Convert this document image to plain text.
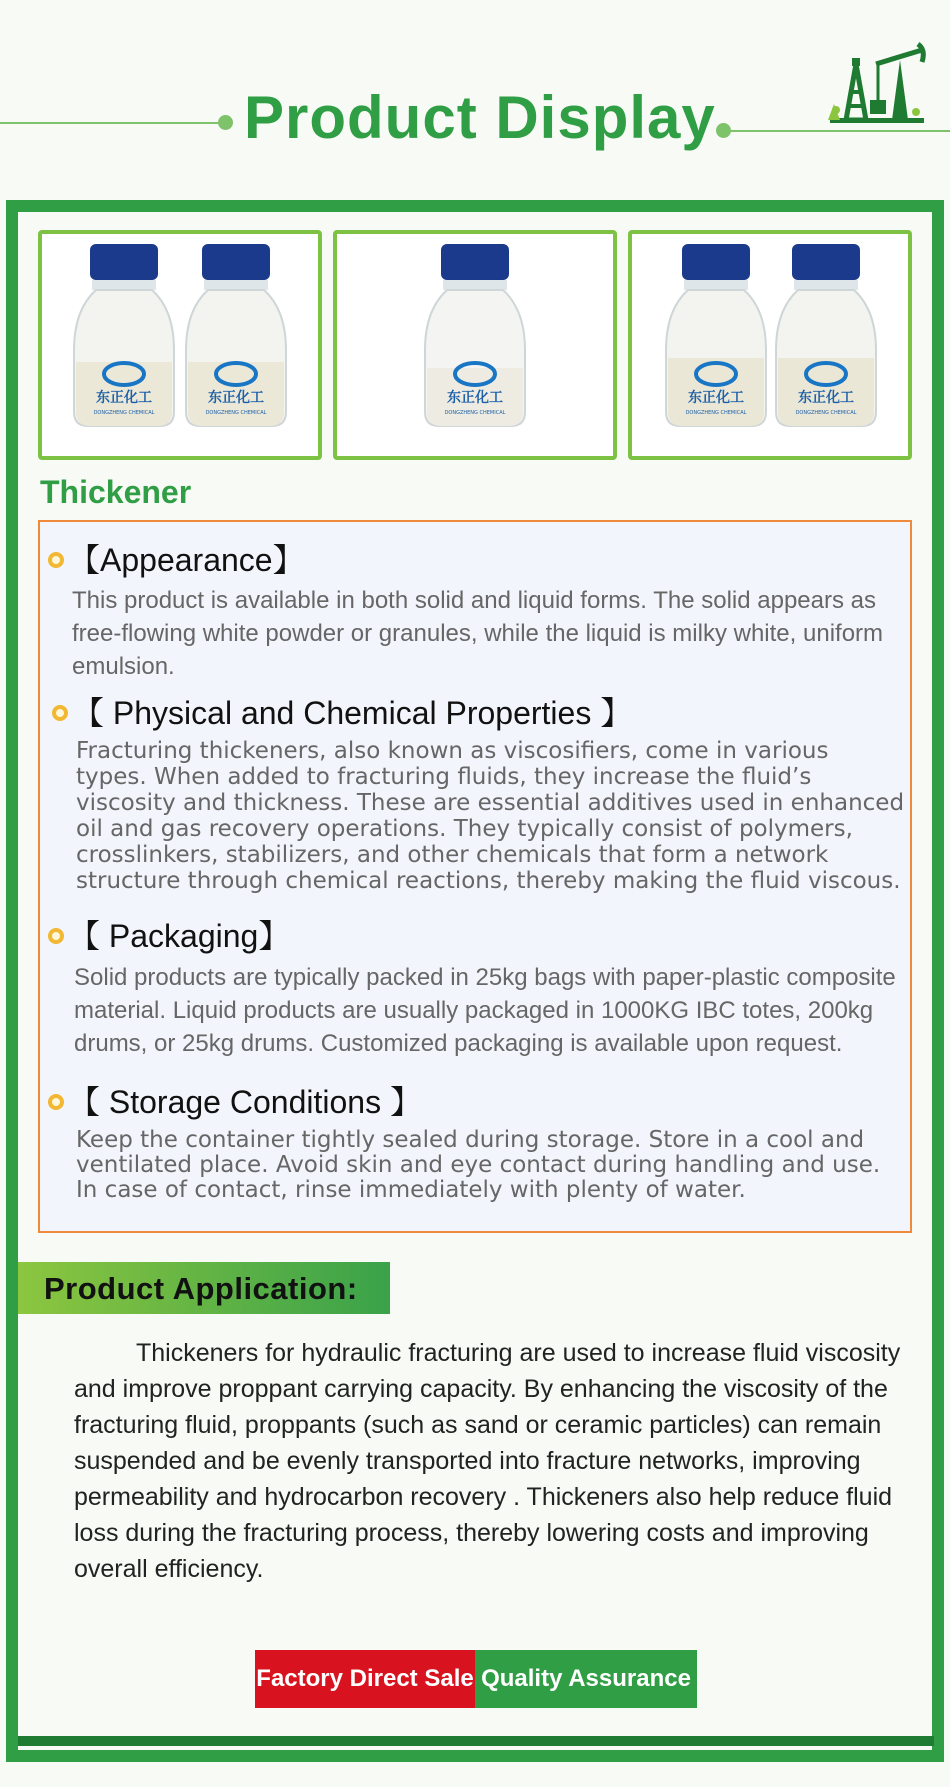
Product Display
东正化工
DONGZHENG CHEMICAL
东正化工
DONGZHENG CHEMICAL
东正化工
DONGZHENG CHEMICAL
东正化工
DONGZHENG CHEMICAL
东正化工
DONGZHENG CHEMICAL
Thickener
【Appearance】

This product is available in both solid and liquid forms. The solid appears as free-flowing white powder or granules, while the liquid is milky white, uniform emulsion.

【 Physical and Chemical Properties 】

Fracturing thickeners, also known as viscosifiers, come in various types. When added to fracturing fluids, they increase the fluid’s viscosity and thickness. These are essential additives used in enhanced oil and gas recovery operations. They typically consist of polymers, crosslinkers, stabilizers, and other chemicals that form a network structure through chemical reactions, thereby making the fluid viscous.

【 Packaging】

Solid products are typically packed in 25kg bags with paper-plastic composite material. Liquid products are usually packaged in 1000KG IBC totes, 200kg drums, or 25kg drums. Customized packaging is available upon request.

【 Storage Conditions 】

Keep the container tightly sealed during storage. Store in a cool and ventilated place. Avoid skin and eye contact during handling and use. In case of contact, rinse immediately with plenty of water.

Product Application:

Thickeners for hydraulic fracturing are used to increase fluid viscosity and improve proppant carrying capacity. By enhancing the viscosity of the fracturing fluid, proppants (such as sand or ceramic particles) can remain suspended and be evenly transported into fracture networks, improving permeability and hydrocarbon recovery . Thickeners also help reduce fluid loss during the fracturing process, thereby lowering costs and improving overall efficiency.

Factory Direct Sale Quality Assurance
